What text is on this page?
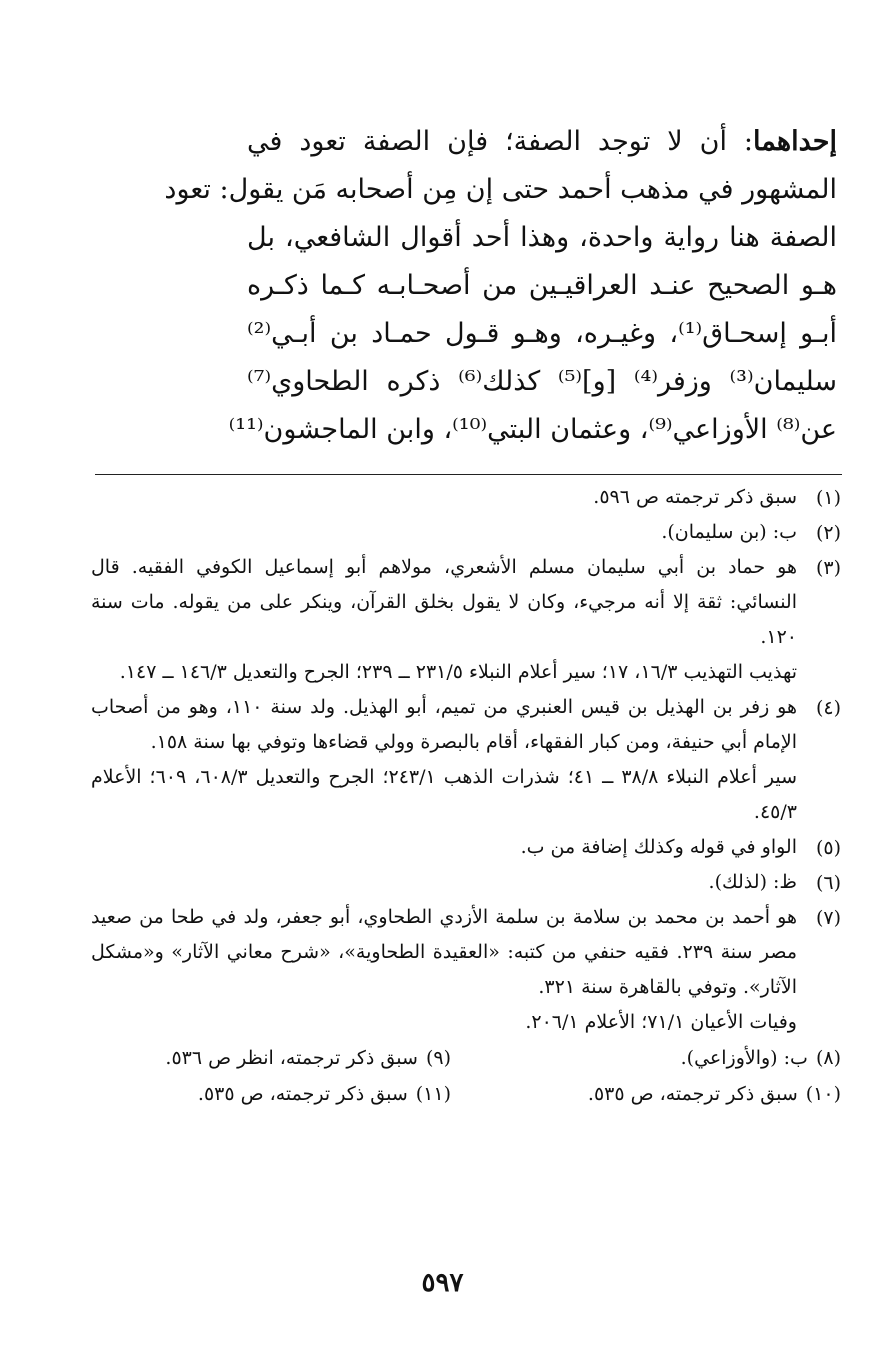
إحداهما: أن لا توجد الصفة؛ فإن الصفة تعود في
المشهور في مذهب أحمد حتى إن مِن أصحابه مَن يقول: تعود
الصفة هنا رواية واحدة، وهذا أحد أقوال الشافعي، بل
هـو الصحيح عنـد العراقيـين من أصحـابـه كـما ذكـره
أبـو إسحـاق⁽¹⁾، وغيـره، وهـو قـول حمـاد بن أبـي⁽²⁾
سليمان⁽³⁾ وزفر⁽⁴⁾ [و]⁽⁵⁾ كذلك⁽⁶⁾ ذكره الطحاوي⁽⁷⁾
عن⁽⁸⁾ الأوزاعي⁽⁹⁾، وعثمان البتي⁽¹⁰⁾، وابن الماجشون⁽¹¹⁾
(١)
سبق ذكر ترجمته ص ٥٩٦.
(٢)
ب: (بن سليمان).
(٣)
هو حماد بن أبي سليمان مسلم الأشعري، مولاهم أبو إسماعيل الكوفي الفقيه. قال النسائي: ثقة إلا أنه مرجيء، وكان لا يقول بخلق القرآن، وينكر على من يقوله. مات سنة ١٢٠.
تهذيب التهذيب ١٦/٣، ١٧؛ سير أعلام النبلاء ٢٣١/٥ ــ ٢٣٩؛ الجرح والتعديل ١٤٦/٣ ــ ١٤٧.
(٤)
هو زفر بن الهذيل بن قيس العنبري من تميم، أبو الهذيل. ولد سنة ١١٠، وهو من أصحاب الإمام أبي حنيفة، ومن كبار الفقهاء، أقام بالبصرة وولي قضاءها وتوفي بها سنة ١٥٨.
سير أعلام النبلاء ٣٨/٨ ــ ٤١؛ شذرات الذهب ٢٤٣/١؛ الجرح والتعديل ٦٠٨/٣، ٦٠٩؛ الأعلام ٤٥/٣.
(٥)
الواو في قوله وكذلك إضافة من ب.
(٦)
ظ: (لذلك).
(٧)
هو أحمد بن محمد بن سلامة بن سلمة الأزدي الطحاوي، أبو جعفر، ولد في طحا من صعيد مصر سنة ٢٣٩. فقيه حنفي من كتبه: «العقيدة الطحاوية»، «شرح معاني الآثار» و«مشكل الآثار». وتوفي بالقاهرة سنة ٣٢١.
وفيات الأعيان ٧١/١؛ الأعلام ٢٠٦/١.
(٨)
ب: (والأوزاعي).
(٩)
سبق ذكر ترجمته، انظر ص ٥٣٦.
(١٠)
سبق ذكر ترجمته، ص ٥٣٥.
(١١)
سبق ذكر ترجمته، ص ٥٣٥.
٥٩٧
